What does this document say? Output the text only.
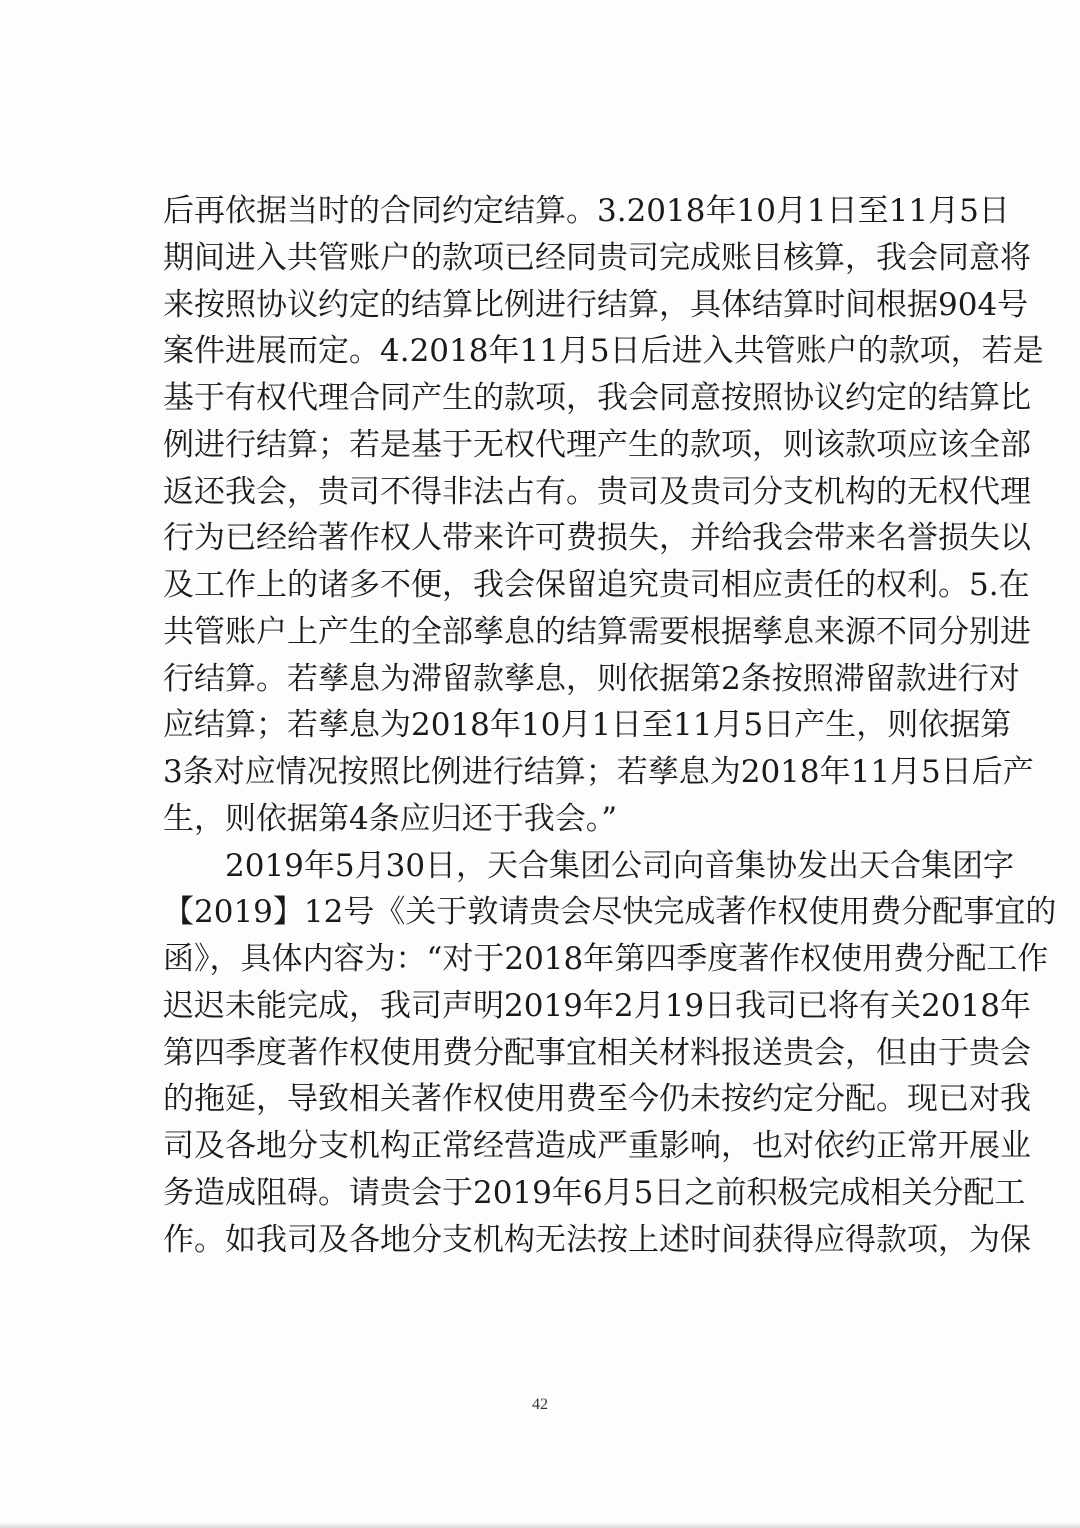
后再依据当时的合同约定结算。3.2018年10月1日至11月5日
期间进入共管账户的款项已经同贵司完成账目核算，我会同意将
来按照协议约定的结算比例进行结算，具体结算时间根据904号
案件进展而定。4.2018年11月5日后进入共管账户的款项，若是
基于有权代理合同产生的款项，我会同意按照协议约定的结算比
例进行结算；若是基于无权代理产生的款项，则该款项应该全部
返还我会，贵司不得非法占有。贵司及贵司分支机构的无权代理
行为已经给著作权人带来许可费损失，并给我会带来名誉损失以
及工作上的诸多不便，我会保留追究贵司相应责任的权利。5.在
共管账户上产生的全部孳息的结算需要根据孳息来源不同分别进
行结算。若孳息为滞留款孳息，则依据第2条按照滞留款进行对
应结算；若孳息为2018年10月1日至11月5日产生，则依据第
3条对应情况按照比例进行结算；若孳息为2018年11月5日后产
生，则依据第4条应归还于我会。”
　　2019年5月30日，天合集团公司向音集协发出天合集团字
【2019】12号《关于敦请贵会尽快完成著作权使用费分配事宜的
函》，具体内容为：“对于2018年第四季度著作权使用费分配工作
迟迟未能完成，我司声明2019年2月19日我司已将有关2018年
第四季度著作权使用费分配事宜相关材料报送贵会，但由于贵会
的拖延，导致相关著作权使用费至今仍未按约定分配。现已对我
司及各地分支机构正常经营造成严重影响，也对依约正常开展业
务造成阻碍。请贵会于2019年6月5日之前积极完成相关分配工
作。如我司及各地分支机构无法按上述时间获得应得款项，为保
42
